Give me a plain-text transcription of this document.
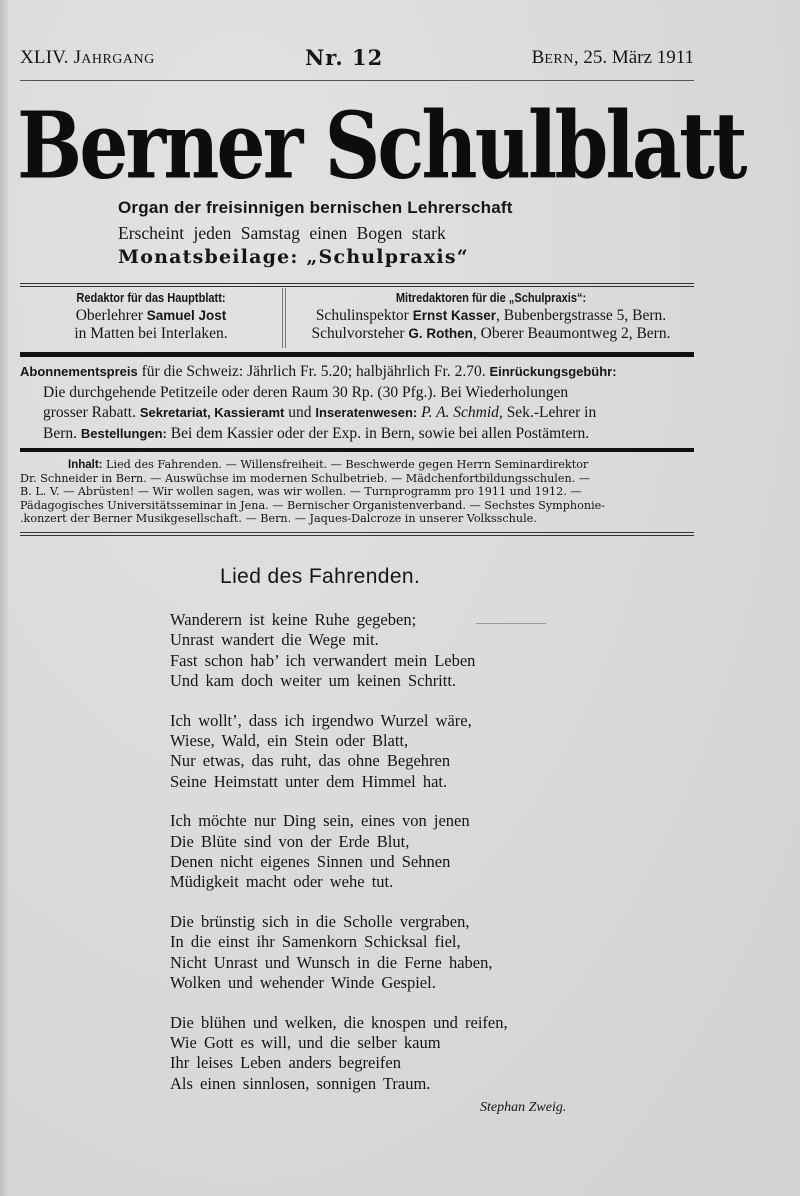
XLIV. JAHRGANG	Nr. 12	BERN, 25. März 1911
Berner Schulblatt
Organ der freisinnigen bernischen Lehrerschaft
Erscheint jeden Samstag einen Bogen stark
Monatsbeilage: „Schulpraxis“
Redaktor für das Hauptblatt:
Oberlehrer Samuel Jost
in Matten bei Interlaken.
Mitredaktoren für die „Schulpraxis“:
Schulinspektor Ernst Kasser, Bubenbergstrasse 5, Bern.
Schulvorsteher G. Rothen, Oberer Beaumontweg 2, Bern.
Abonnementspreis für die Schweiz: Jährlich Fr. 5.20; halbjährlich Fr. 2.70. Einrückungsgebühr:
Die durchgehende Petitzeile oder deren Raum 30 Rp. (30 Pfg.). Bei Wiederholungen
grosser Rabatt. Sekretariat, Kassieramt und Inseratenwesen: P. A. Schmid, Sek.-Lehrer in
Bern. Bestellungen: Bei dem Kassier oder der Exp. in Bern, sowie bei allen Postämtern.
Inhalt: Lied des Fahrenden. — Willensfreiheit. — Beschwerde gegen Herrn Seminardirektor
Dr. Schneider in Bern. — Auswüchse im modernen Schulbetrieb. — Mädchenfortbildungsschulen. —
B. L. V. — Abrüsten! — Wir wollen sagen, was wir wollen. — Turnprogramm pro 1911 und 1912. —
Pädagogisches Universitätsseminar in Jena. — Bernischer Organistenverband. — Sechstes Symphonie-
.konzert der Berner Musikgesellschaft. — Bern. — Jaques-Dalcroze in unserer Volksschule.
Lied des Fahrenden.
Wanderern ist keine Ruhe gegeben;
Unrast wandert die Wege mit.
Fast schon hab’ ich verwandert mein Leben
Und kam doch weiter um keinen Schritt.
Ich wollt’, dass ich irgendwo Wurzel wäre,
Wiese, Wald, ein Stein oder Blatt,
Nur etwas, das ruht, das ohne Begehren
Seine Heimstatt unter dem Himmel hat.
Ich möchte nur Ding sein, eines von jenen
Die Blüte sind von der Erde Blut,
Denen nicht eigenes Sinnen und Sehnen
Müdigkeit macht oder wehe tut.
Die brünstig sich in die Scholle vergraben,
In die einst ihr Samenkorn Schicksal fiel,
Nicht Unrast und Wunsch in die Ferne haben,
Wolken und wehender Winde Gespiel.
Die blühen und welken, die knospen und reifen,
Wie Gott es will, und die selber kaum
Ihr leises Leben anders begreifen
Als einen sinnlosen, sonnigen Traum.
Stephan Zweig.
